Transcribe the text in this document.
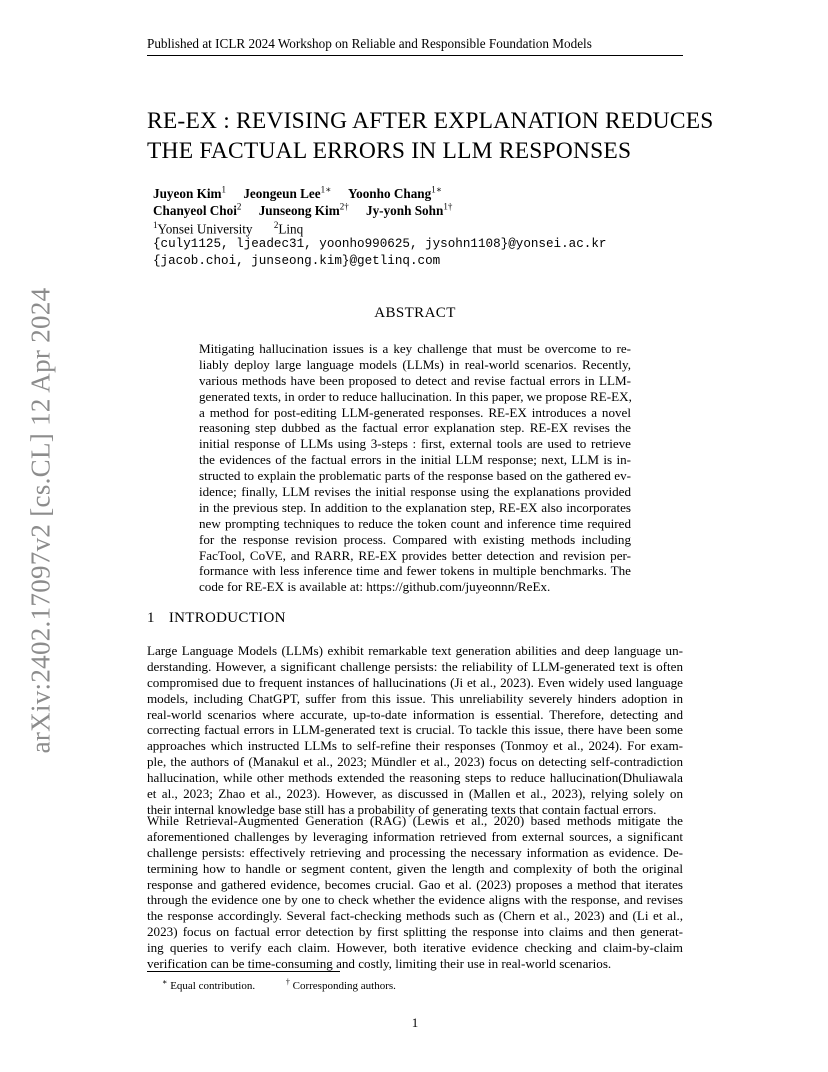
arXiv:2402.17097v2 [cs.CL] 12 Apr 2024
Published at ICLR 2024 Workshop on Reliable and Responsible Foundation Models
RE-EX : REVISING AFTER EXPLANATION REDUCES
THE FACTUAL ERRORS IN LLM RESPONSES
Juyeon Kim$^1$ Jeongeun Lee$^{1∗}$ Yoonho Chang$^{1∗}$
Chanyeol Choi$^2$ Junseong Kim$^{2\dagger}$ Jy-yonh Sohn$^{1\dagger}$
$^1$Yonsei University $^2$Linq
{culy1125, ljeadec31, yoonho990625, jysohn1108}@yonsei.ac.kr
{jacob.choi, junseong.kim}@getlinq.com
ABSTRACT
Mitigating hallucination issues is a key challenge that must be overcome to re-
liably deploy large language models (LLMs) in real-world scenarios. Recently,
various methods have been proposed to detect and revise factual errors in LLM-
generated texts, in order to reduce hallucination. In this paper, we propose RE-EX,
a method for post-editing LLM-generated responses. RE-EX introduces a novel
reasoning step dubbed as the factual error explanation step. RE-EX revises the
initial response of LLMs using 3-steps : first, external tools are used to retrieve
the evidences of the factual errors in the initial LLM response; next, LLM is in-
structed to explain the problematic parts of the response based on the gathered ev-
idence; finally, LLM revises the initial response using the explanations provided
in the previous step. In addition to the explanation step, RE-EX also incorporates
new prompting techniques to reduce the token count and inference time required
for the response revision process. Compared with existing methods including
FacTool, CoVE, and RARR, RE-EX provides better detection and revision per-
formance with less inference time and fewer tokens in multiple benchmarks. The
code for RE-EX is available at: https://github.com/juyeonnn/ReEx.
1 INTRODUCTION
Large Language Models (LLMs) exhibit remarkable text generation abilities and deep language un-
derstanding. However, a significant challenge persists: the reliability of LLM-generated text is often
compromised due to frequent instances of hallucinations (Ji et al., 2023). Even widely used language
models, including ChatGPT, suffer from this issue. This unreliability severely hinders adoption in
real-world scenarios where accurate, up-to-date information is essential. Therefore, detecting and
correcting factual errors in LLM-generated text is crucial. To tackle this issue, there have been some
approaches which instructed LLMs to self-refine their responses (Tonmoy et al., 2024). For exam-
ple, the authors of (Manakul et al., 2023; Mündler et al., 2023) focus on detecting self-contradiction
hallucination, while other methods extended the reasoning steps to reduce hallucination(Dhuliawala
et al., 2023; Zhao et al., 2023). However, as discussed in (Mallen et al., 2023), relying solely on
their internal knowledge base still has a probability of generating texts that contain factual errors.
While Retrieval-Augmented Generation (RAG) (Lewis et al., 2020) based methods mitigate the
aforementioned challenges by leveraging information retrieved from external sources, a significant
challenge persists: effectively retrieving and processing the necessary information as evidence. De-
termining how to handle or segment content, given the length and complexity of both the original
response and gathered evidence, becomes crucial. Gao et al. (2023) proposes a method that iterates
through the evidence one by one to check whether the evidence aligns with the response, and revises
the response accordingly. Several fact-checking methods such as (Chern et al., 2023) and (Li et al.,
2023) focus on factual error detection by first splitting the response into claims and then generat-
ing queries to verify each claim. However, both iterative evidence checking and claim-by-claim
verification can be time-consuming and costly, limiting their use in real-world scenarios.
∗ Equal contribution.	† Corresponding authors.
1
